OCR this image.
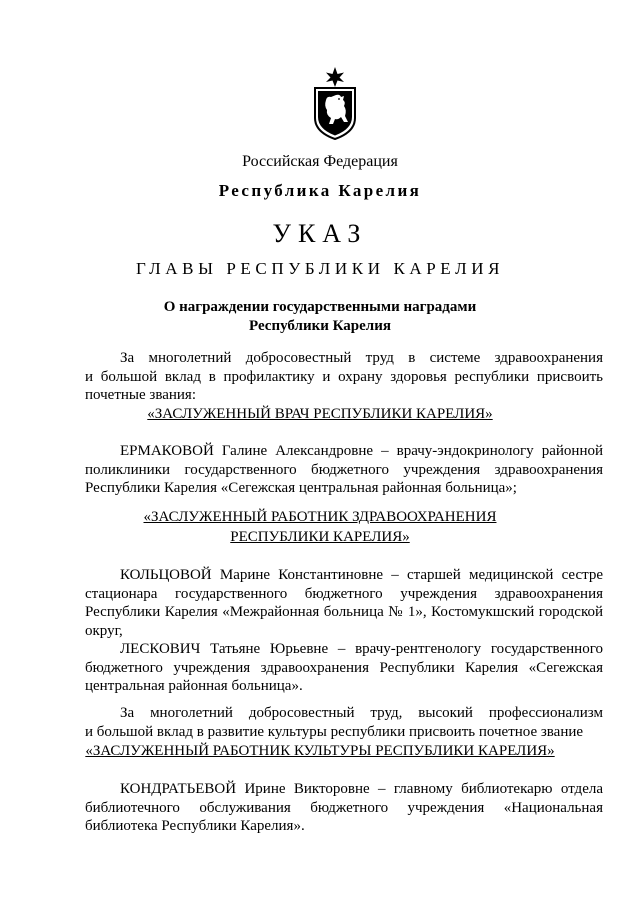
Российская Федерация
Республика Карелия
УКАЗ
ГЛАВЫ РЕСПУБЛИКИ КАРЕЛИЯ
О награждении государственными наградами
Республики Карелия
За многолетний добросовестный труд в системе здравоохранения
и большой вклад в профилактику и охрану здоровья республики присвоить
почетные звания:
«ЗАСЛУЖЕННЫЙ ВРАЧ РЕСПУБЛИКИ КАРЕЛИЯ»
ЕРМАКОВОЙ Галине Александровне – врачу-эндокринологу районной
поликлиники государственного бюджетного учреждения здравоохранения
Республики Карелия «Сегежская центральная районная больница»;
«ЗАСЛУЖЕННЫЙ РАБОТНИК ЗДРАВООХРАНЕНИЯ
РЕСПУБЛИКИ КАРЕЛИЯ»
КОЛЬЦОВОЙ Марине Константиновне – старшей медицинской сестре
стационара государственного бюджетного учреждения здравоохранения
Республики Карелия «Межрайонная больница № 1», Костомукшский городской
округ,
ЛЕСКОВИЧ Татьяне Юрьевне – врачу-рентгенологу государственного
бюджетного учреждения здравоохранения Республики Карелия «Сегежская
центральная районная больница».
За многолетний добросовестный труд, высокий профессионализм
и большой вклад в развитие культуры республики присвоить почетное звание
«ЗАСЛУЖЕННЫЙ РАБОТНИК КУЛЬТУРЫ РЕСПУБЛИКИ КАРЕЛИЯ»
КОНДРАТЬЕВОЙ Ирине Викторовне – главному библиотекарю отдела
библиотечного обслуживания бюджетного учреждения «Национальная
библиотека Республики Карелия».
